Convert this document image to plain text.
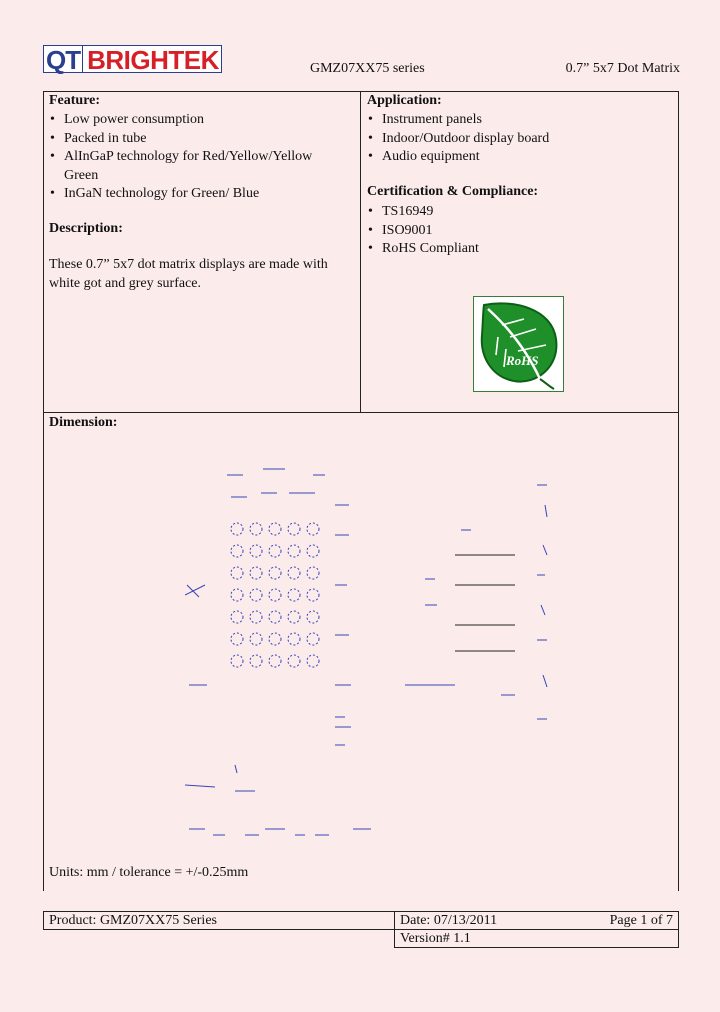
QT BRIGHTEK	GMZ07XX75 series	0.7” 5x7 Dot Matrix
Feature:
• Low power consumption
• Packed in tube
• AlInGaP technology for Red/Yellow/Yellow Green
• InGaN technology for Green/ Blue
Description:
These 0.7” 5x7 dot matrix displays are made with white got and grey surface.
Application:
• Instrument panels
• Indoor/Outdoor display board
• Audio equipment
Certification & Compliance:
• TS16949
• ISO9001
• RoHS Compliant
RoHS
Dimension:
Units: mm / tolerance = +/-0.25mm
Product: GMZ07XX75 Series	Date: 07/13/2011	Page 1 of 7
	Version# 1.1	
